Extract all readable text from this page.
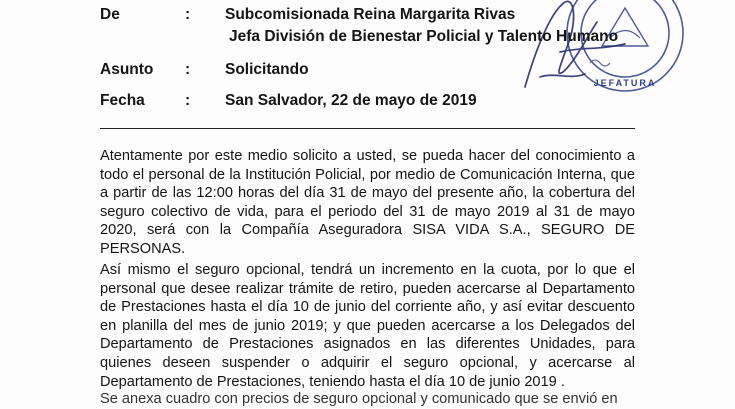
JEFATURA
De	: Subcomisionada Reina Margarita Rivas
Jefa División de Bienestar Policial y Talento Humano
Asunto : Solicitando
Fecha	: San Salvador, 22 de mayo de 2019
Atentamente por este medio solicito a usted, se pueda hacer del conocimiento a
todo el personal de la Institución Policial, por medio de Comunicación Interna, que
a partir de las 12:00 horas del día 31 de mayo del presente año, la cobertura del
seguro colectivo de vida, para el periodo del 31 de mayo 2019 al 31 de mayo
2020, será con la Compañía Aseguradora SISA VIDA S.A., SEGURO DE
PERSONAS.
Así mismo el seguro opcional, tendrá un incremento en la cuota, por lo que el
personal que desee realizar trámite de retiro, pueden acercarse al Departamento
de Prestaciones hasta el día 10 de junio del corriente año, y así evitar descuento
en planilla del mes de junio 2019; y que pueden acercarse a los Delegados del
Departamento de Prestaciones asignados en las diferentes Unidades, para
quienes deseen suspender o adquirir el seguro opcional, y acercarse al
Departamento de Prestaciones, teniendo hasta el día 10 de junio 2019 .
Se anexa cuadro con precios de seguro opcional y comunicado que se envió en
